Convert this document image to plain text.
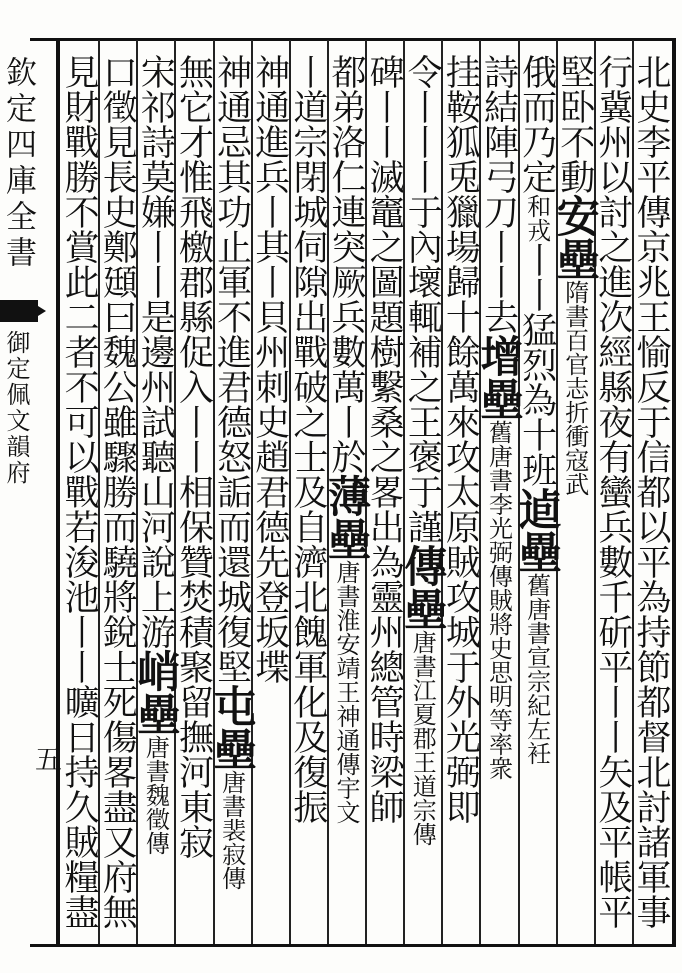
欽定四庫全書
御定佩文韻府
五	北史李平傳京兆王愉反于信都以平為持節都督北討諸軍事
行冀州以討之進次經縣夜有蠻兵數千斫平丨丨矢及平帳平
堅卧不動安壘隋書百官志折衝寇武
俄而乃定和戎丨丨猛烈為十班逌壘舊唐書宣宗紀左衽
詩結陣弓刀丨丨去增壘舊唐書李光弼傳賊將史思明等率衆
挂鞍狐兎獵場歸十餘萬來攻太原賊攻城于外光弼即
令丨丨丨于內壞輒補之王褒于謹傳壘唐書江夏郡王道宗傳
碑丨丨滅竈之圖題樹繫桑之畧出為靈州總管時梁師
都弟洛仁連突厥兵數萬丨於薄壘唐書淮安靖王神通傳宇文
丨道宗閉城伺隙出戰破之士及自濟北餽軍化及復振
神通進兵丨其丨貝州刺史趙君德先登坂堞
神通忌其功止軍不進君德怒詬而還城復堅屯壘唐書裴寂傳
無它才惟飛檄郡縣促入丨丨相保贊焚積聚留撫河東寂
宋祁詩莫嫌丨丨是邊州試聽山河說上游峭壘唐書魏徵傳
口徵見長史鄭頲曰魏公雖驟勝而驍將銳士死傷畧盡又府無
見財戰勝不賞此二者不可以戰若浚池丨丨曠日持久賊糧盡
